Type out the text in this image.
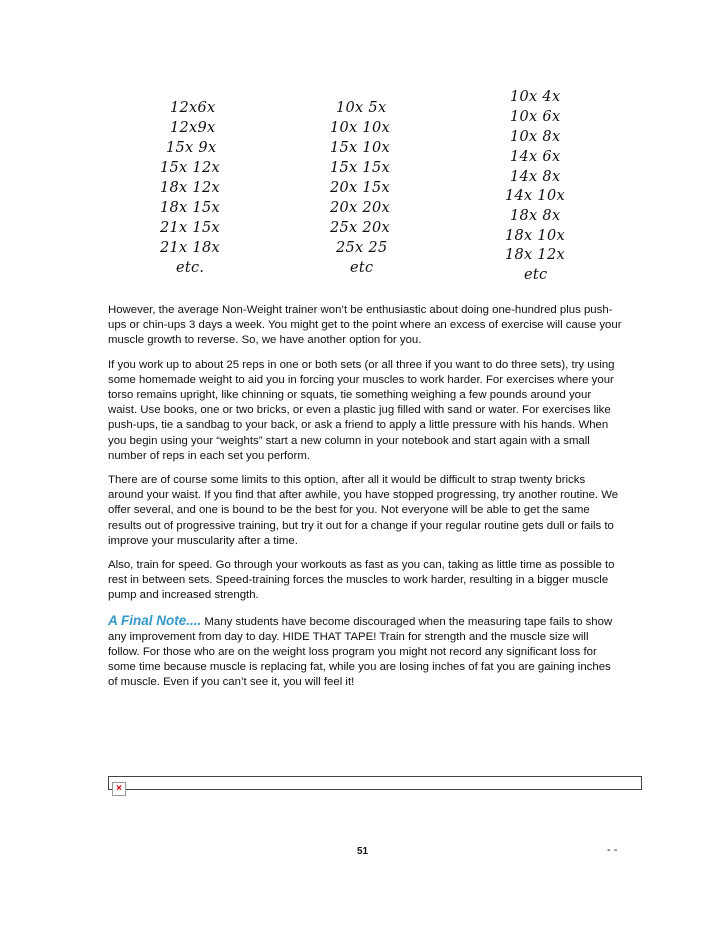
12x6x
12x9x
15x 9x
15x 12x
18x 12x
18x 15x
21x 15x
21x 18x
etc.
10x 5x
10x 10x
15x 10x
15x 15x
20x 15x
20x 20x
25x 20x
25x 25
etc
10x 4x
10x 6x
10x 8x
14x 6x
14x 8x
14x 10x
18x 8x
18x 10x
18x 12x
etc

However, the average Non-Weight trainer won’t be enthusiastic about doing one-hundred plus push-ups or chin-ups 3 days a week. You might get to the point where an excess of exercise will cause your muscle growth to reverse. So, we have another option for you.

If you work up to about 25 reps in one or both sets (or all three if you want to do three sets), try using some homemade weight to aid you in forcing your muscles to work harder. For exercises where your torso remains upright, like chinning or squats, tie something weighing a few pounds around your waist. Use books, one or two bricks, or even a plastic jug filled with sand or water. For exercises like push-ups, tie a sandbag to your back, or ask a friend to apply a little pressure with his hands. When you begin using your “weights” start a new column in your notebook and start again with a small number of reps in each set you perform.

There are of course some limits to this option, after all it would be difficult to strap twenty bricks around your waist. If you find that after awhile, you have stopped progressing, try another routine. We offer several, and one is bound to be the best for you. Not everyone will be able to get the same results out of progressive training, but try it out for a change if your regular routine gets dull or fails to improve your muscularity after a time.

Also, train for speed. Go through your workouts as fast as you can, taking as little time as possible to rest in between sets. Speed-training forces the muscles to work harder, resulting in a bigger muscle pump and increased strength.

A Final Note.... Many students have become discouraged when the measuring tape fails to show any improvement from day to day. HIDE THAT TAPE! Train for strength and the muscle size will follow. For those who are on the weight loss program you might not record any significant loss for some time because muscle is replacing fat, while you are losing inches of fat you are gaining inches of muscle. Even if you can’t see it, you will feel it!

×
51	- -
